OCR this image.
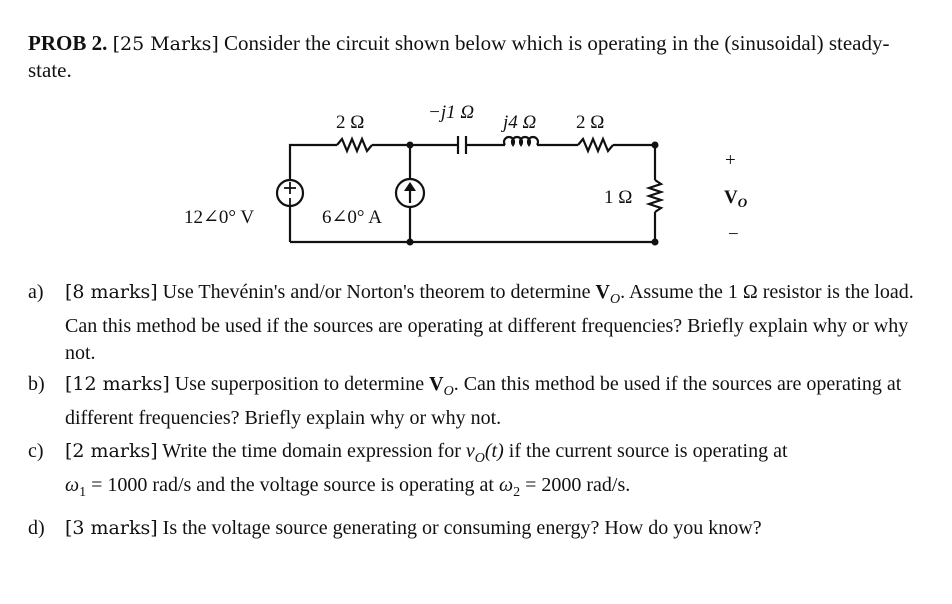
PROB 2. [25 Marks] Consider the circuit shown below which is operating in the (sinusoidal) steady-state.
2 Ω	−j1 Ω j4 Ω 2 Ω
1 Ω
12∠0° V	6∠0° A
+
$V_O$
−
a) [8 marks] Use Thevénin's and/or Norton's theorem to determine $V_O$. Assume the 1 Ω resistor is the load. Can this method be used if the sources are operating at different frequencies? Briefly explain why or why not.
b) [12 marks] Use superposition to determine $V_O$. Can this method be used if the sources are operating at different frequencies? Briefly explain why or why not.
c) [2 marks] Write the time domain expression for $v_O(t)$ if the current source is operating at
$\omega_1 = 1000$ rad/s and the voltage source is operating at $\omega_2 = 2000$ rad/s.
d) [3 marks] Is the voltage source generating or consuming energy? How do you know?
